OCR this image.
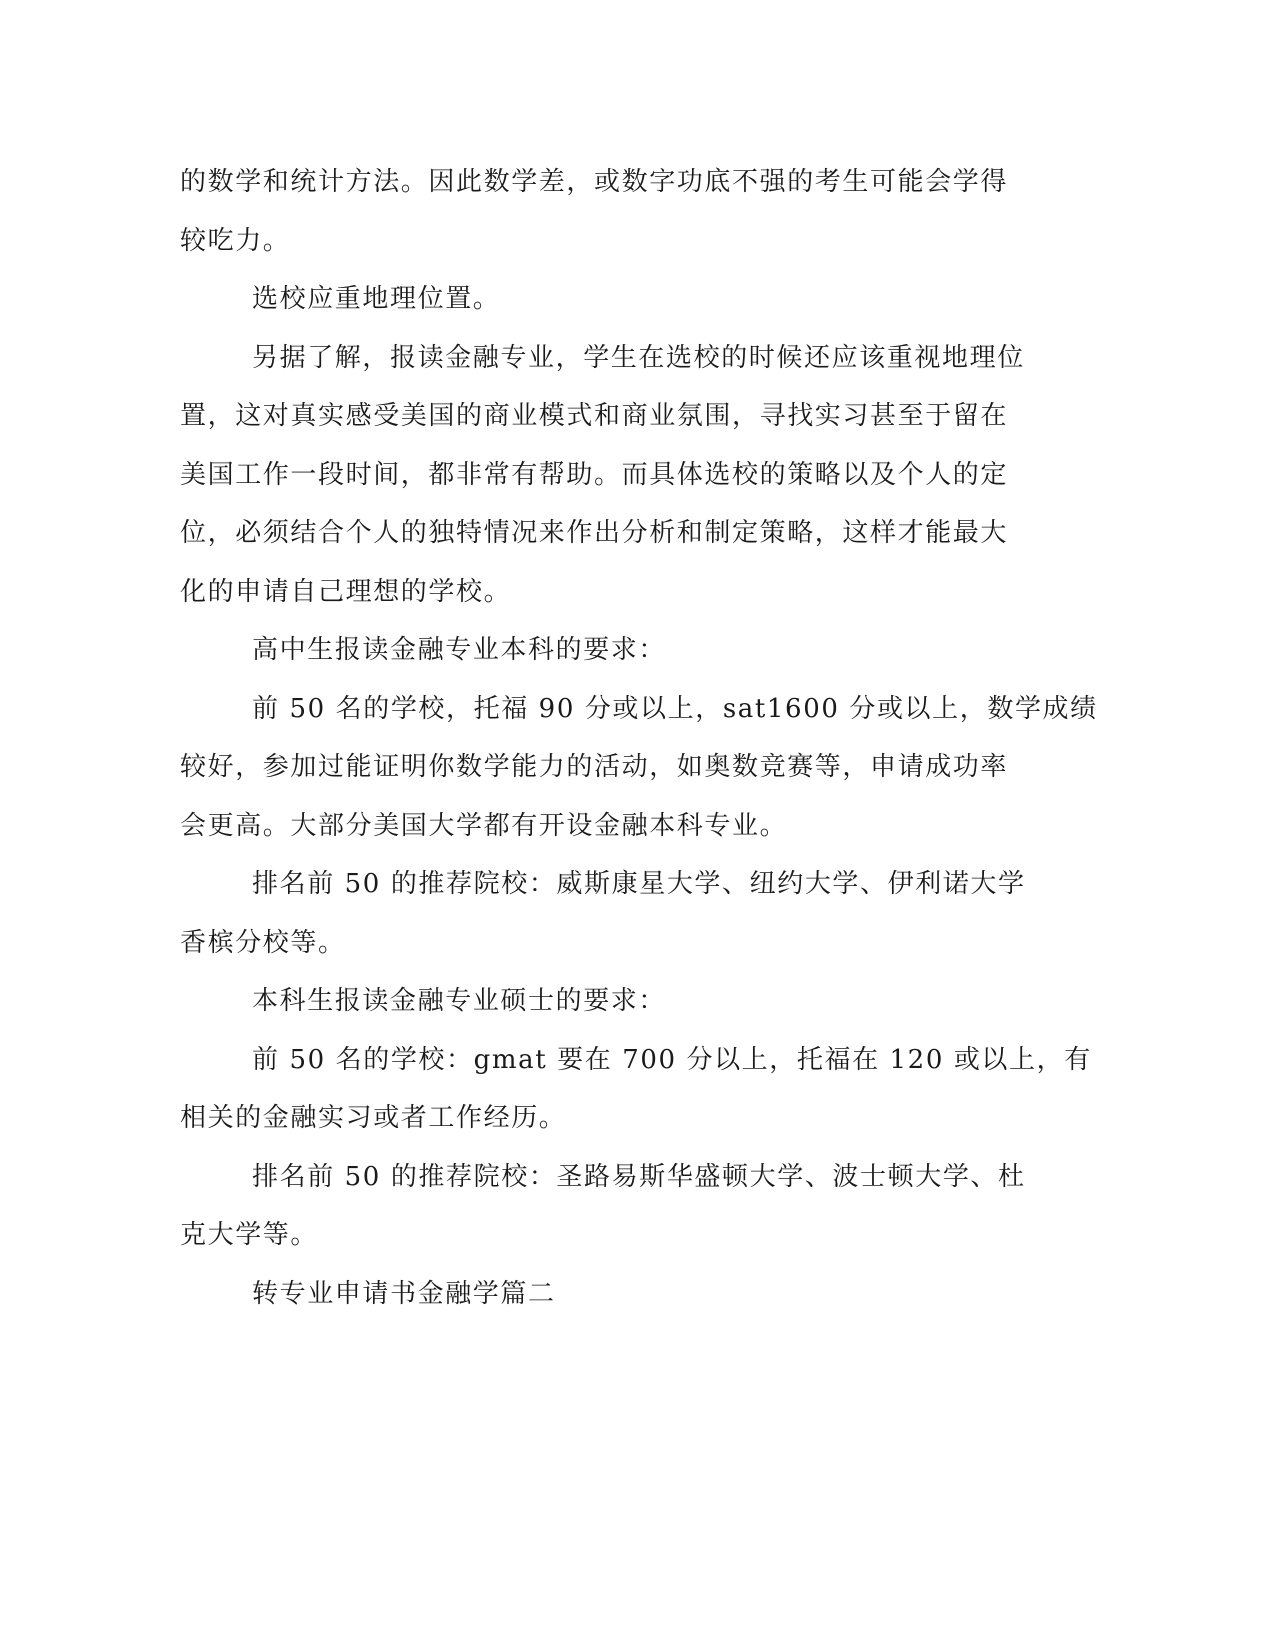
的数学和统计方法。因此数学差，或数字功底不强的考生可能会学得
较吃力。

选校应重地理位置。

另据了解，报读金融专业，学生在选校的时候还应该重视地理位
置，这对真实感受美国的商业模式和商业氛围，寻找实习甚至于留在
美国工作一段时间，都非常有帮助。而具体选校的策略以及个人的定
位，必须结合个人的独特情况来作出分析和制定策略，这样才能最大
化的申请自己理想的学校。

高中生报读金融专业本科的要求：

前 50 名的学校，托福 90 分或以上，sat1600 分或以上，数学成绩
较好，参加过能证明你数学能力的活动，如奥数竞赛等，申请成功率
会更高。大部分美国大学都有开设金融本科专业。

排名前 50 的推荐院校：威斯康星大学、纽约大学、伊利诺大学
香槟分校等。

本科生报读金融专业硕士的要求：

前 50 名的学校：gmat 要在 700 分以上，托福在 120 或以上，有
相关的金融实习或者工作经历。

排名前 50 的推荐院校：圣路易斯华盛顿大学、波士顿大学、杜
克大学等。

转专业申请书金融学篇二
